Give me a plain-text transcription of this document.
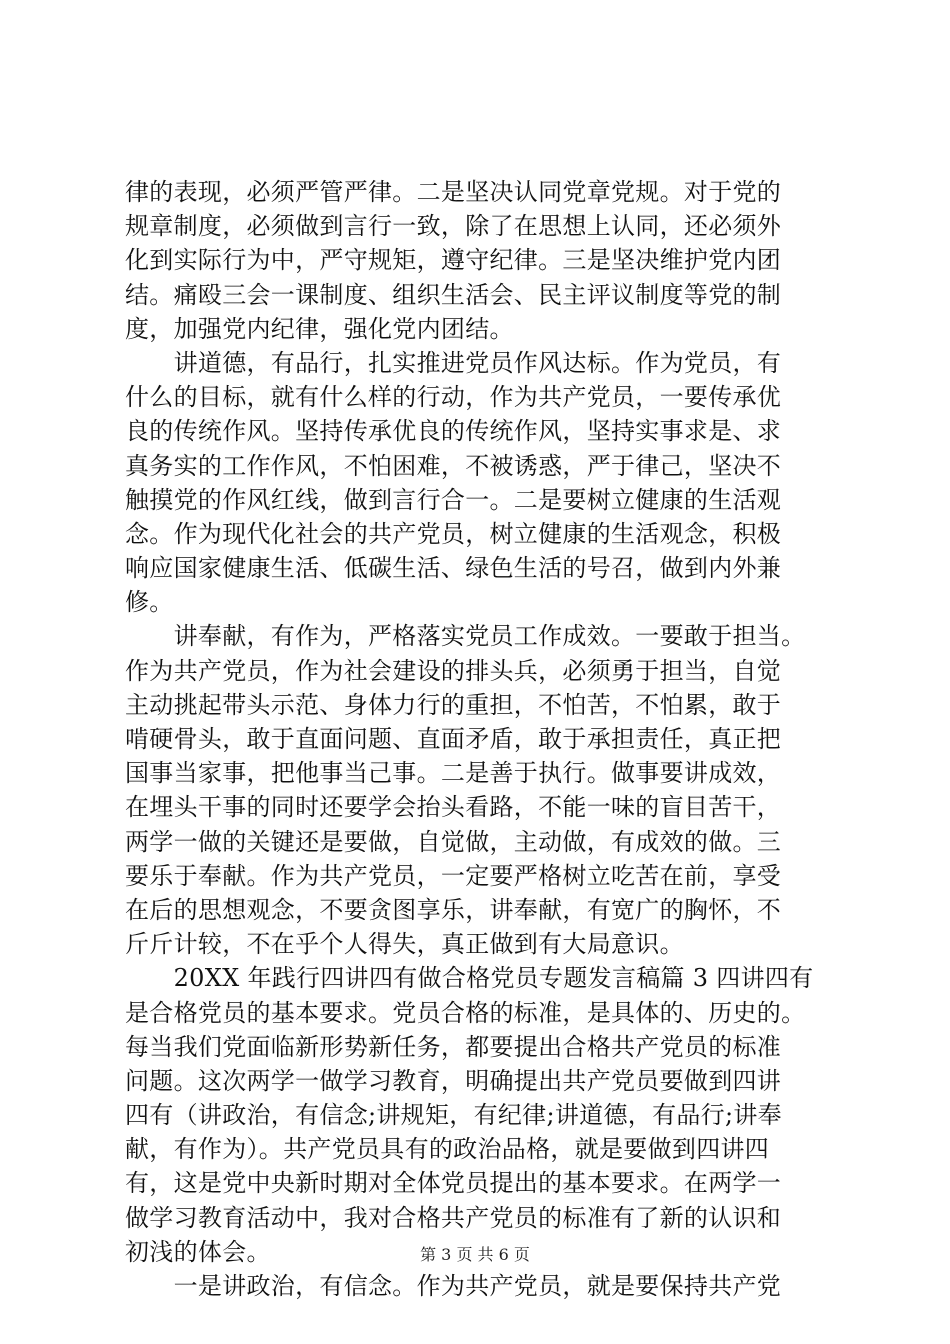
律的表现，必须严管严律。二是坚决认同党章党规。对于党的
规章制度，必须做到言行一致，除了在思想上认同，还必须外
化到实际行为中，严守规矩，遵守纪律。三是坚决维护党内团
结。痛殴三会一课制度、组织生活会、民主评议制度等党的制
度，加强党内纪律，强化党内团结。
　　讲道德，有品行，扎实推进党员作风达标。作为党员，有
什么的目标，就有什么样的行动，作为共产党员，一要传承优
良的传统作风。坚持传承优良的传统作风，坚持实事求是、求
真务实的工作作风，不怕困难，不被诱惑，严于律己，坚决不
触摸党的作风红线，做到言行合一。二是要树立健康的生活观
念。作为现代化社会的共产党员，树立健康的生活观念，积极
响应国家健康生活、低碳生活、绿色生活的号召，做到内外兼
修。
　　讲奉献，有作为，严格落实党员工作成效。一要敢于担当。
作为共产党员，作为社会建设的排头兵，必须勇于担当，自觉
主动挑起带头示范、身体力行的重担，不怕苦，不怕累，敢于
啃硬骨头，敢于直面问题、直面矛盾，敢于承担责任，真正把
国事当家事，把他事当己事。二是善于执行。做事要讲成效，
在埋头干事的同时还要学会抬头看路，不能一味的盲目苦干，
两学一做的关键还是要做，自觉做，主动做，有成效的做。三
要乐于奉献。作为共产党员，一定要严格树立吃苦在前，享受
在后的思想观念，不要贪图享乐，讲奉献，有宽广的胸怀，不
斤斤计较，不在乎个人得失，真正做到有大局意识。
　　20XX 年践行四讲四有做合格党员专题发言稿篇 3 四讲四有
是合格党员的基本要求。党员合格的标准，是具体的、历史的。
每当我们党面临新形势新任务，都要提出合格共产党员的标准
问题。这次两学一做学习教育，明确提出共产党员要做到四讲
四有（讲政治，有信念;讲规矩，有纪律;讲道德，有品行;讲奉
献，有作为）。共产党员具有的政治品格，就是要做到四讲四
有，这是党中央新时期对全体党员提出的基本要求。在两学一
做学习教育活动中，我对合格共产党员的标准有了新的认识和
初浅的体会。
　　一是讲政治，有信念。作为共产党员，就是要保持共产党
第 3 页 共 6 页
